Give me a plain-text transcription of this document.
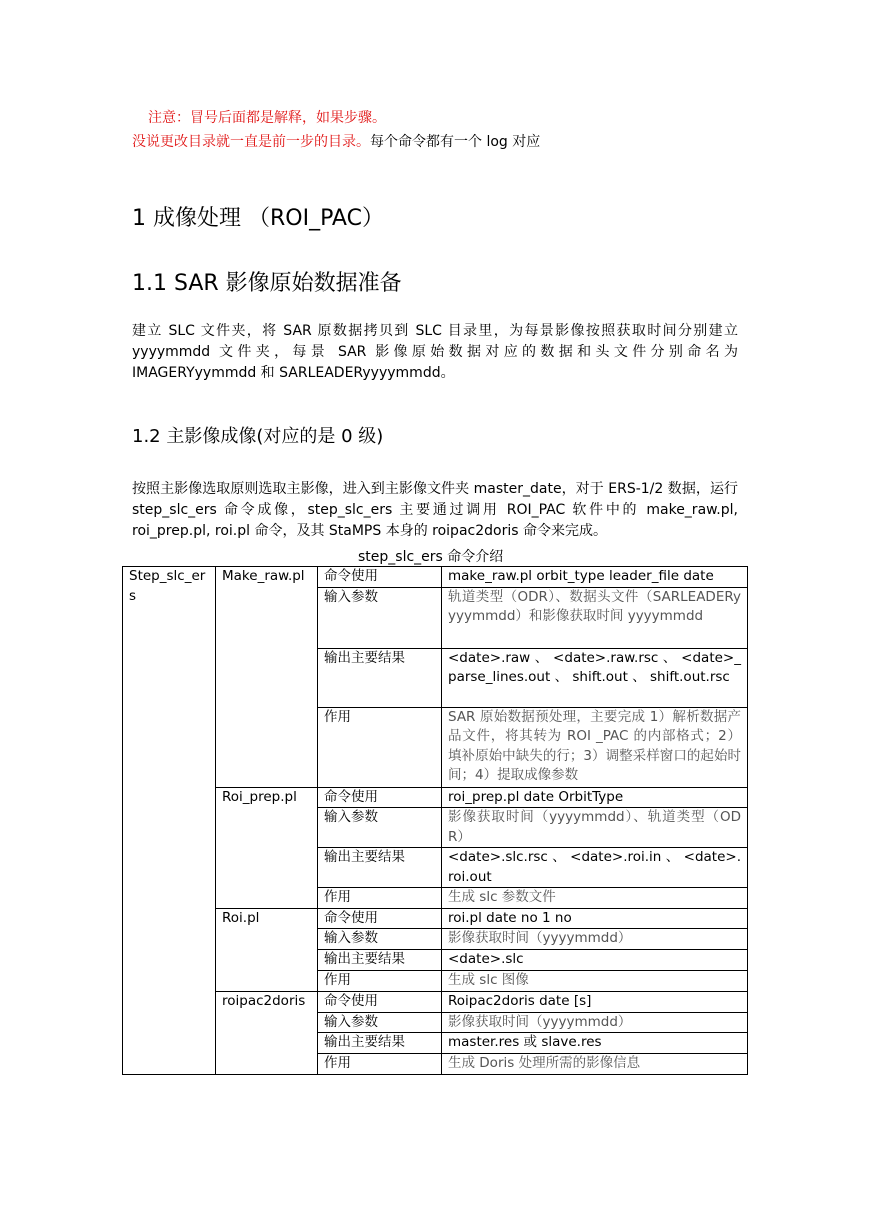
注意：冒号后面都是解释，如果步骤。
没说更改目录就一直是前一步的目录。每个命令都有一个 log 对应
1 成像处理 （ROI_PAC）
1.1 SAR 影像原始数据准备
建立 SLC 文件夹，将 SAR 原数据拷贝到 SLC 目录里，为每景影像按照获取时间分别建立 yyyymmdd 文件夹，每景 SAR 影像原始数据对应的数据和头文件分别命名为 IMAGERYyymmdd 和 SARLEADERyyyymmdd。
1.2 主影像成像(对应的是 0 级)
按照主影像选取原则选取主影像，进入到主影像文件夹 master_date，对于 ERS-1/2 数据，运行 step_slc_ers 命令成像，step_slc_ers 主要通过调用 ROI_PAC 软件中的 make_raw.pl, roi_prep.pl, roi.pl 命令，及其 StaMPS 本身的 roipac2doris 命令来完成。
step_slc_ers 命令介绍
Step_slc_ers	Make_raw.pl	命令使用	make_raw.pl orbit_type leader_file date
		输入参数	轨道类型（ODR）、数据头文件（SARLEADERyyyymmdd）和影像获取时间 yyyymmdd
		输出主要结果	<date>.raw 、 <date>.raw.rsc 、 <date>_parse_lines.out 、 shift.out 、 shift.out.rsc
		作用	SAR 原始数据预处理，主要完成 1）解析数据产品文件，将其转为 ROI _PAC 的内部格式；2）填补原始中缺失的行；3）调整采样窗口的起始时间；4）提取成像参数
	Roi_prep.pl	命令使用	roi_prep.pl date OrbitType
		输入参数	影像获取时间（yyyymmdd）、轨道类型（ODR）
		输出主要结果	<date>.slc.rsc 、 <date>.roi.in 、 <date>.roi.out
		作用	生成 slc 参数文件
	Roi.pl	命令使用	roi.pl date no 1 no
		输入参数	影像获取时间（yyyymmdd）
		输出主要结果	<date>.slc
		作用	生成 slc 图像
	roipac2doris	命令使用	Roipac2doris date [s]
		输入参数	影像获取时间（yyyymmdd）
		输出主要结果	master.res 或 slave.res
		作用	生成 Doris 处理所需的影像信息
